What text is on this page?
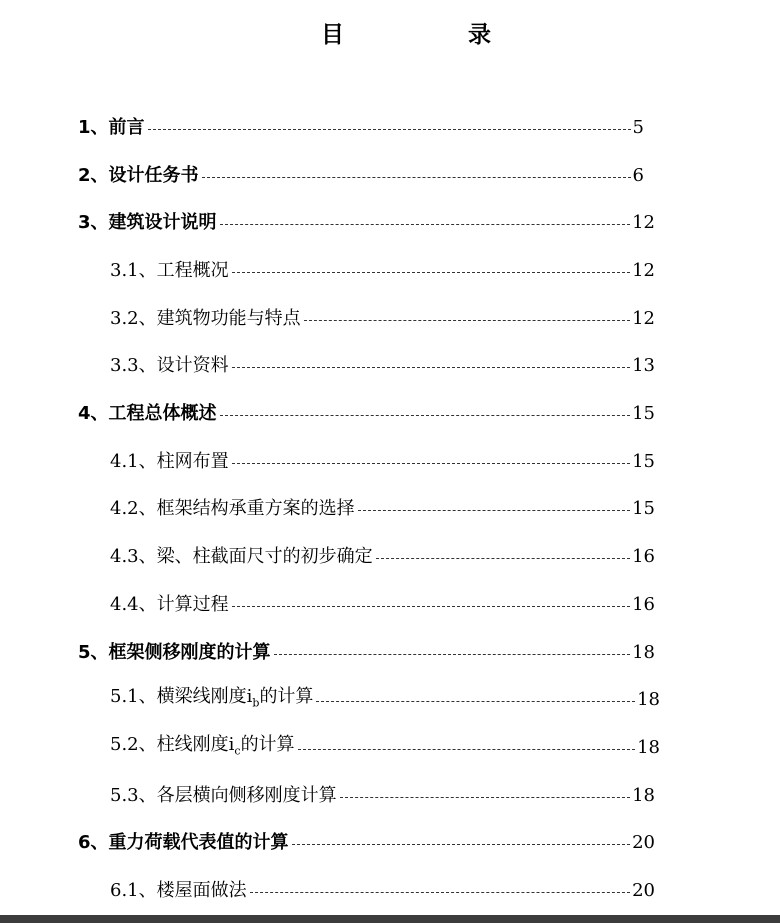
目 录
1、前言	5
2、设计任务书	6
3、建筑设计说明	12
3.1、工程概况	12
3.2、建筑物功能与特点	12
3.3、设计资料	13
4、工程总体概述	15
4.1、柱网布置	15
4.2、框架结构承重方案的选择	15
4.3、梁、柱截面尺寸的初步确定	16
4.4、计算过程	16
5、框架侧移刚度的计算	18
5.1、横梁线刚度$i_b$的计算	18
5.2、柱线刚度$i_c$的计算	18
5.3、各层横向侧移刚度计算	18
6、重力荷载代表值的计算	20
6.1、楼屋面做法	20
